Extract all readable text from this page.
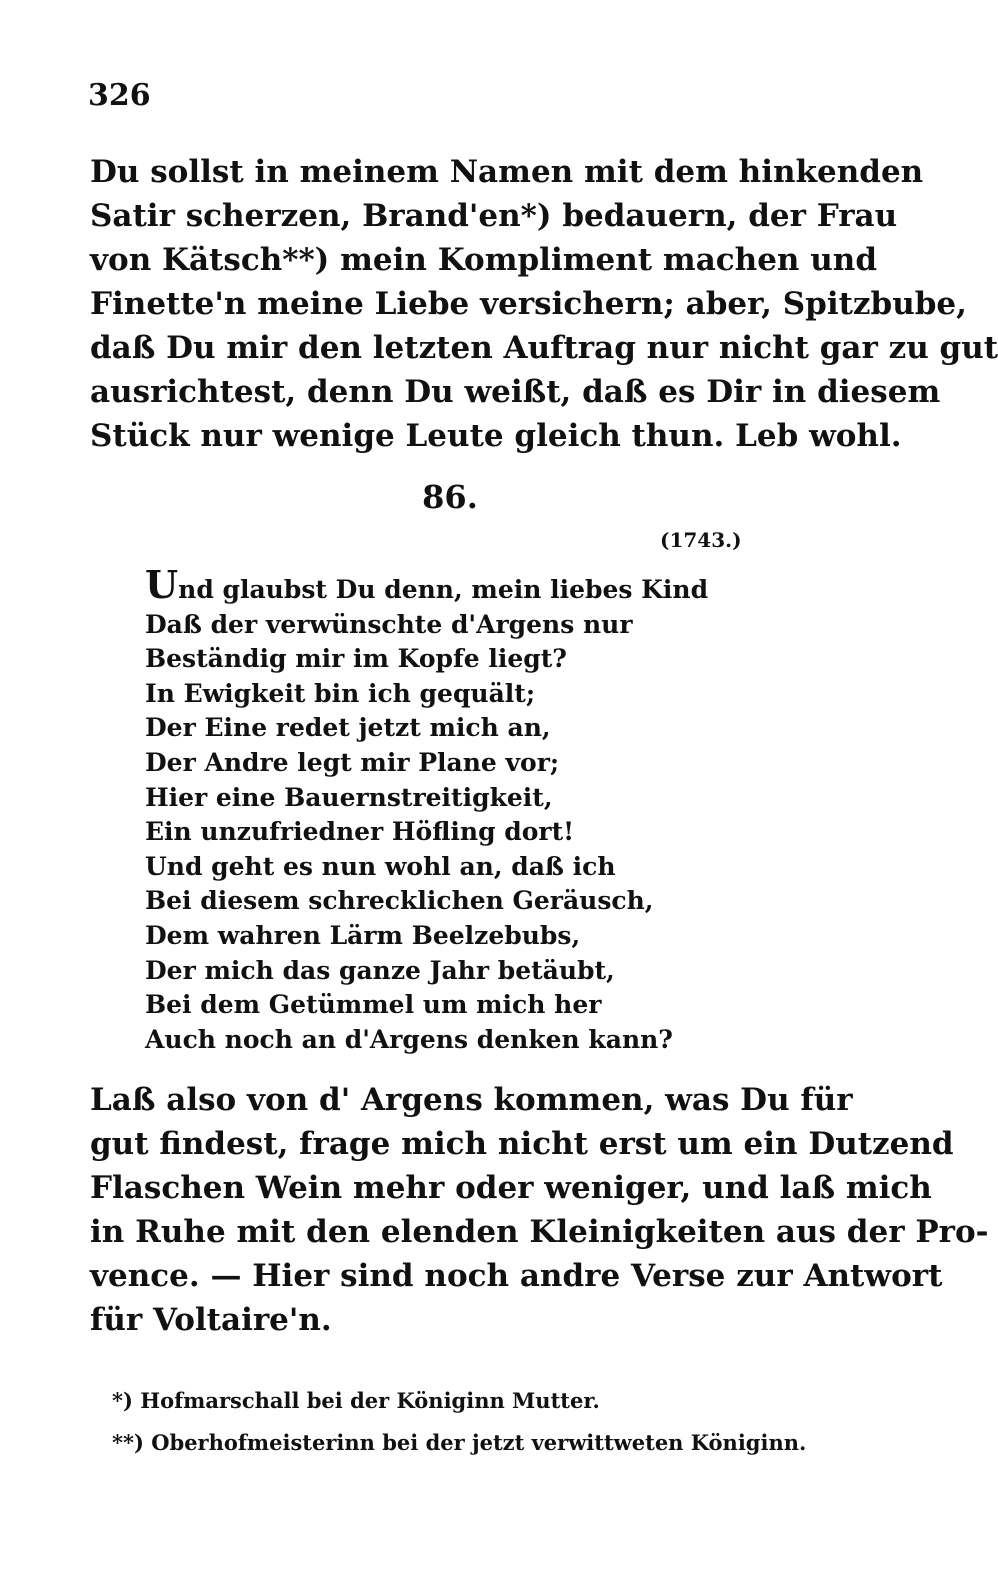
326
Du sollst in meinem Namen mit dem hinkenden
Satir scherzen, Brand'en*) bedauern, der Frau
von Kätsch**) mein Kompliment machen und
Finette'n meine Liebe versichern; aber, Spitzbube,
daß Du mir den letzten Auftrag nur nicht gar zu gut
ausrichtest, denn Du weißt, daß es Dir in diesem
Stück nur wenige Leute gleich thun. Leb wohl.
86.
(1743.)
Und glaubst Du denn, mein liebes Kind
Daß der verwünschte d'Argens nur
Beständig mir im Kopfe liegt?
In Ewigkeit bin ich gequält;
Der Eine redet jetzt mich an,
Der Andre legt mir Plane vor;
Hier eine Bauernstreitigkeit,
Ein unzufriedner Höfling dort!
Und geht es nun wohl an, daß ich
Bei diesem schrecklichen Geräusch,
Dem wahren Lärm Beelzebubs,
Der mich das ganze Jahr betäubt,
Bei dem Getümmel um mich her
Auch noch an d'Argens denken kann?
Laß also von d' Argens kommen, was Du für
gut findest, frage mich nicht erst um ein Dutzend
Flaschen Wein mehr oder weniger, und laß mich
in Ruhe mit den elenden Kleinigkeiten aus der Pro-
vence. — Hier sind noch andre Verse zur Antwort
für Voltaire'n.
*) Hofmarschall bei der Königinn Mutter.
**) Oberhofmeisterinn bei der jetzt verwittweten Königinn.
